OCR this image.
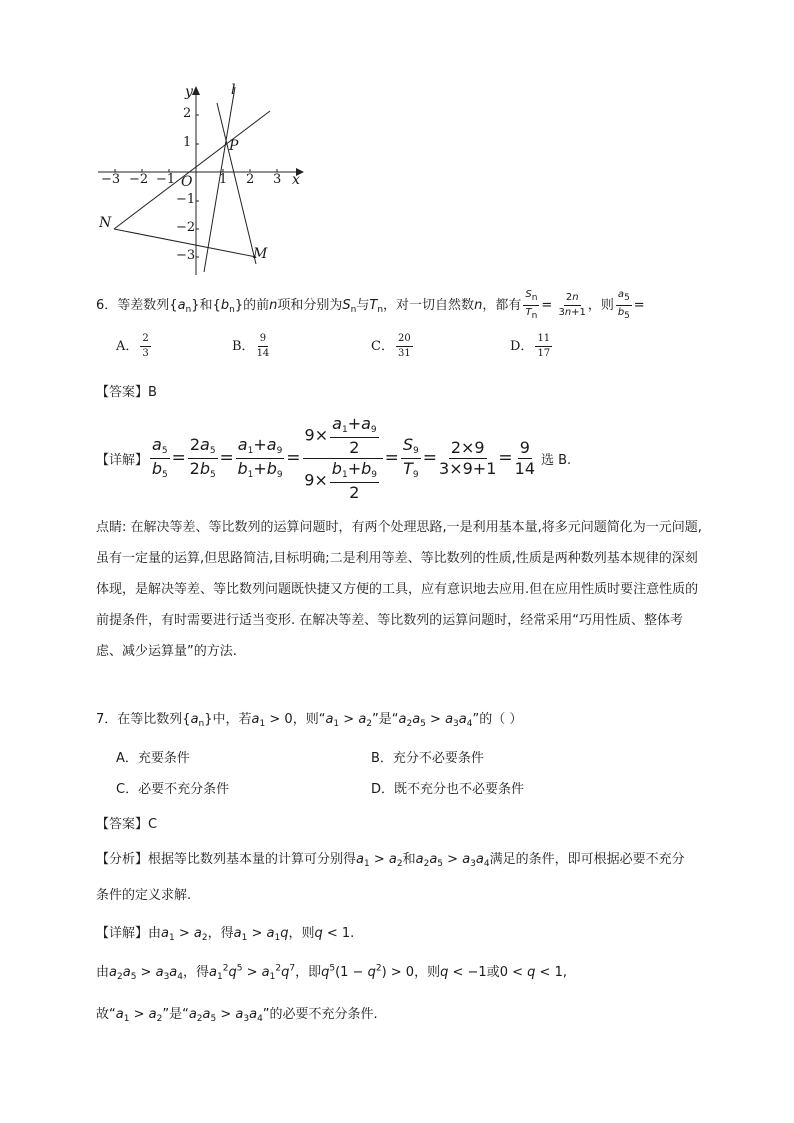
y
x
O
l
P
N
M
−3 −2 −1	1 2 3
2
1
−1
−2
−3
6．等差数列$\{a_n\}$和$\{b_n\}$的前n项和分别为$S_n$与$T_n$，对一切自然数n，都有 $\frac{S_n}{T_n} = \frac{2n}{3n+1}$ ，则 $\frac{a_5}{b_5}$ =
A． $\frac{2}{3}$	B． $\frac{9}{14}$	C． $\frac{20}{31}$	D． $\frac{11}{17}$
【答案】B
【详解】 $\frac{a_5}{b_5} = \frac{2a_5}{2b_5} = \frac{a_1+a_9}{b_1+b_9} = \frac{9\times \frac{a_1+a_9}{2}}{9\times \frac{b_1+b_9}{2}} = \frac{S_9}{T_9} = \frac{2\times 9}{3\times 9+1} = \frac{9}{14}$ 选 B.
点睛: 在解决等差、等比数列的运算问题时，有两个处理思路,一是利用基本量,将多元问题简化为一元问题,虽有一定量的运算,但思路简洁,目标明确;二是利用等差、等比数列的性质,性质是两种数列基本规律的深刻体现，是解决等差、等比数列问题既快捷又方便的工具，应有意识地去应用.但在应用性质时要注意性质的前提条件，有时需要进行适当变形. 在解决等差、等比数列的运算问题时，经常采用“巧用性质、整体考虑、减少运算量”的方法.
7．在等比数列$\{a_n\}$中，若$a_1 > 0$，则“$a_1 > a_2$”是“$a_2a_5 > a_3a_4$”的（ ）
A．充要条件	B．充分不必要条件
C．必要不充分条件	D．既不充分也不必要条件
【答案】C
【分析】根据等比数列基本量的计算可分别得$a_1 > a_2$和$a_2a_5 > a_3a_4$满足的条件，即可根据必要不充分
条件的定义求解.
【详解】由$a_1 > a_2$，得$a_1 > a_1q$，则q < 1.
由$a_2a_5 > a_3a_4$，得$a_1^2q^5 > a_1^2q^7$，即$q^5(1 - q^2) > 0$，则q < −1或0 < q < 1,
故“$a_1 > a_2$”是“$a_2a_5 > a_3a_4$”的必要不充分条件.
